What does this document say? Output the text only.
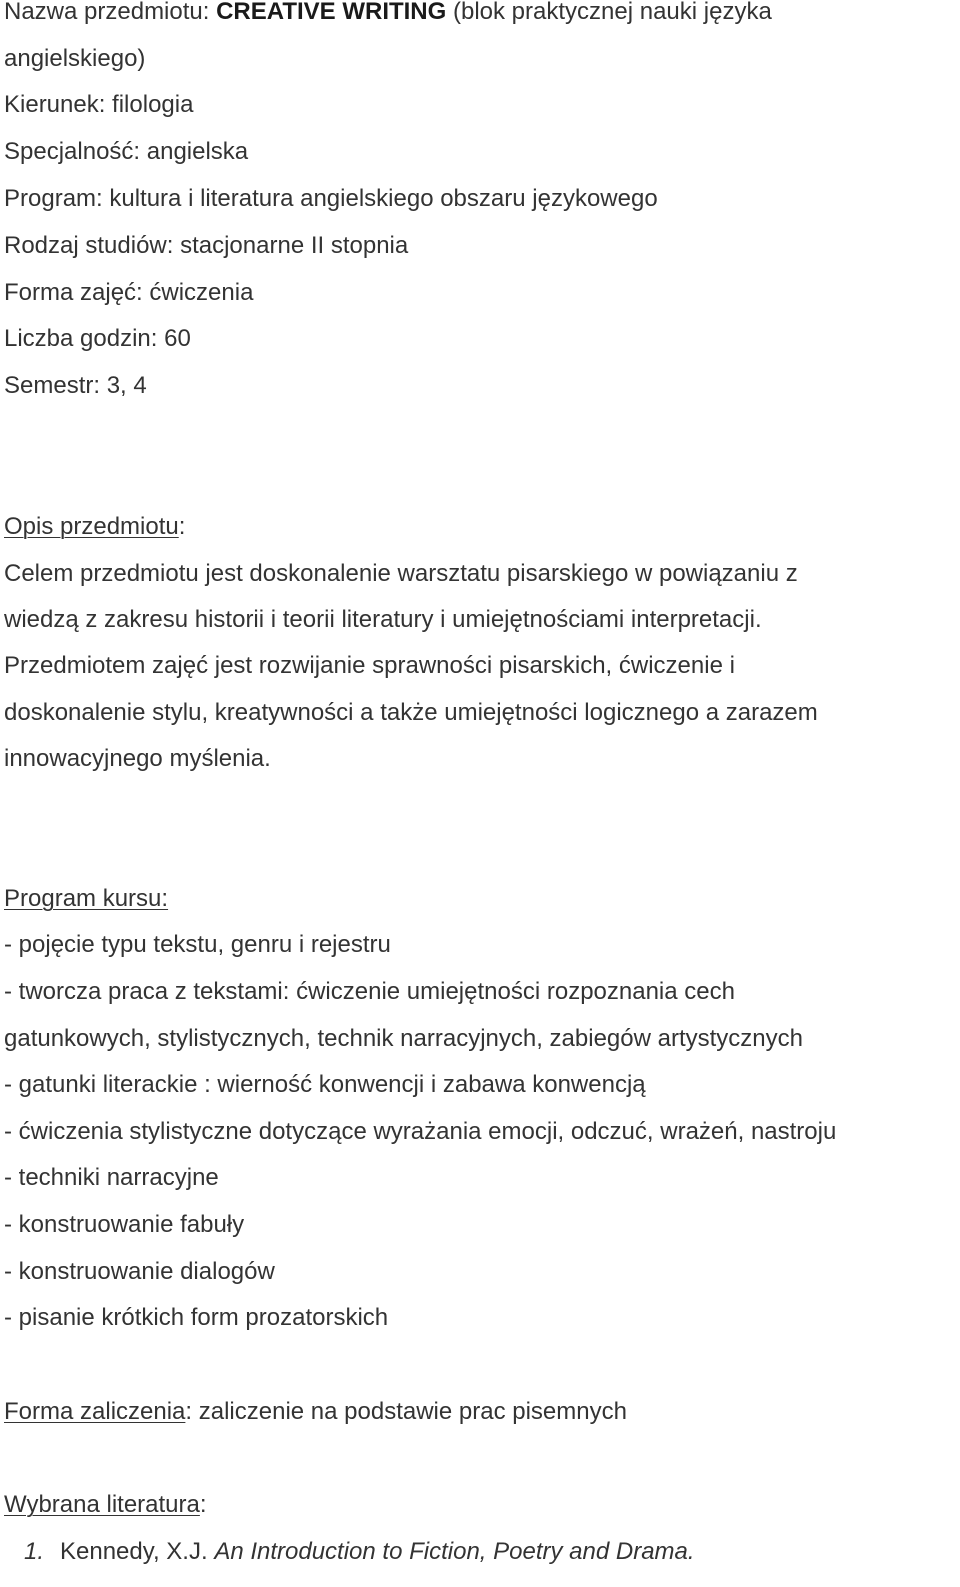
Nazwa przedmiotu: CREATIVE WRITING (blok praktycznej nauki języka
angielskiego)
Kierunek: filologia
Specjalność: angielska
Program: kultura i literatura angielskiego obszaru językowego
Rodzaj studiów: stacjonarne II stopnia
Forma zajęć: ćwiczenia
Liczba godzin: 60
Semestr: 3, 4
Opis przedmiotu:
Celem przedmiotu jest doskonalenie warsztatu pisarskiego w powiązaniu z
wiedzą z zakresu historii i teorii literatury i umiejętnościami interpretacji.
Przedmiotem zajęć jest rozwijanie sprawności pisarskich, ćwiczenie i
doskonalenie stylu, kreatywności a także umiejętności logicznego a zarazem
innowacyjnego myślenia.
Program kursu:
- pojęcie typu tekstu, genru i rejestru
- tworcza praca z tekstami: ćwiczenie umiejętności rozpoznania cech
gatunkowych, stylistycznych, technik narracyjnych, zabiegów artystycznych
- gatunki literackie : wierność konwencji i zabawa konwencją
- ćwiczenia stylistyczne dotyczące wyrażania emocji, odczuć, wrażeń, nastroju
- techniki narracyjne
- konstruowanie fabuły
- konstruowanie dialogów
- pisanie krótkich form prozatorskich
Forma zaliczenia: zaliczenie na podstawie prac pisemnych
Wybrana literatura:
1. Kennedy, X.J. An Introduction to Fiction, Poetry and Drama.
